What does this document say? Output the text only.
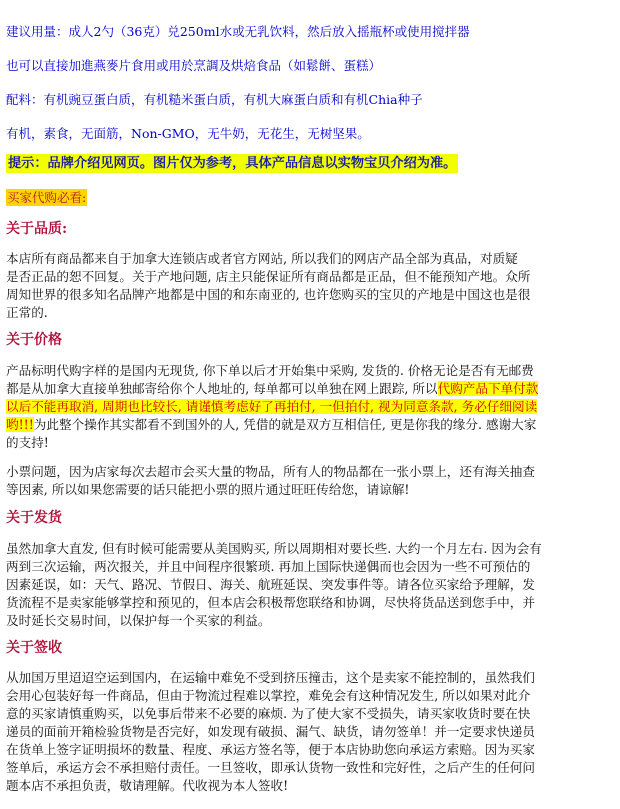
建议用量：成人2勺（36克）兑250ml水或无乳饮料，然后放入摇瓶杯或使用搅拌器
也可以直接加進燕麥片食用或用於烹調及烘焙食品（如鬆餅、蛋糕）
配料：有机豌豆蛋白质，有机糙米蛋白质，有机大麻蛋白质和有机Chia种子
有机，素食，无面筋，Non-GMO，无牛奶，无花生，无树坚果。
提示：品牌介绍见网页。图片仅为参考，具体产品信息以实物宝贝介绍为准。
买家代购必看:
关于品质:
本店所有商品都来自于加拿大连锁店或者官方网站, 所以我们的网店产品全部为真品，对质疑
是否正品的恕不回复。关于产地问题, 店主只能保证所有商品都是正品，但不能预知产地。众所
周知世界的很多知名品牌产地都是中国的和东南亚的, 也许您购买的宝贝的产地是中国这也是很
正常的.
关于价格
产品标明代购字样的是国内无现货, 你下单以后才开始集中采购, 发货的. 价格无论是否有无邮费
都是从加拿大直接单独邮寄给你个人地址的, 每单都可以单独在网上跟踪, 所以代购产品下单付款
以后不能再取消, 周期也比较长, 请谨慎考虑好了再拍付, 一但拍付, 视为同意条款, 务必仔细阅读
哟!!!为此整个操作其实都看不到国外的人, 凭借的就是双方互相信任, 更是你我的缘分. 感谢大家
的支持!
小票问题，因为店家每次去超市会买大量的物品，所有人的物品都在一张小票上，还有海关抽查
等因素, 所以如果您需要的话只能把小票的照片通过旺旺传给您，请谅解!
关于发货
虽然加拿大直发, 但有时候可能需要从美国购买, 所以周期相对要长些. 大约一个月左右. 因为会有
两到三次运输，两次报关，并且中间程序很繁琐. 再加上国际快递偶而也会因为一些不可预估的
因素延误，如：天气、路况、节假日、海关、航班延误、突发事件等。请各位买家给予理解，发
货流程不是卖家能够掌控和预见的，但本店会积极帮您联络和协调，尽快将货品送到您手中，并
及时延长交易时间，以保护每一个买家的利益。
关于签收
从加国万里迢迢空运到国内，在运输中难免不受到挤压撞击，这个是卖家不能控制的，虽然我们
会用心包装好每一件商品，但由于物流过程难以掌控，难免会有这种情况发生, 所以如果对此介
意的买家请慎重购买，以免事后带来不必要的麻烦. 为了使大家不受损失，请买家收货时要在快
递员的面前开箱检验货物是否完好，如发现有破损、漏气、缺货，请勿签单！并一定要求快递员
在货单上签字证明损坏的数量、程度、承运方签名等，便于本店协助您向承运方索赔。因为买家
签单后，承运方会不承担赔付责任。一旦签收，即承认货物一致性和完好性，之后产生的任何问
题本店不承担负责，敬请理解。代收视为本人签收!
